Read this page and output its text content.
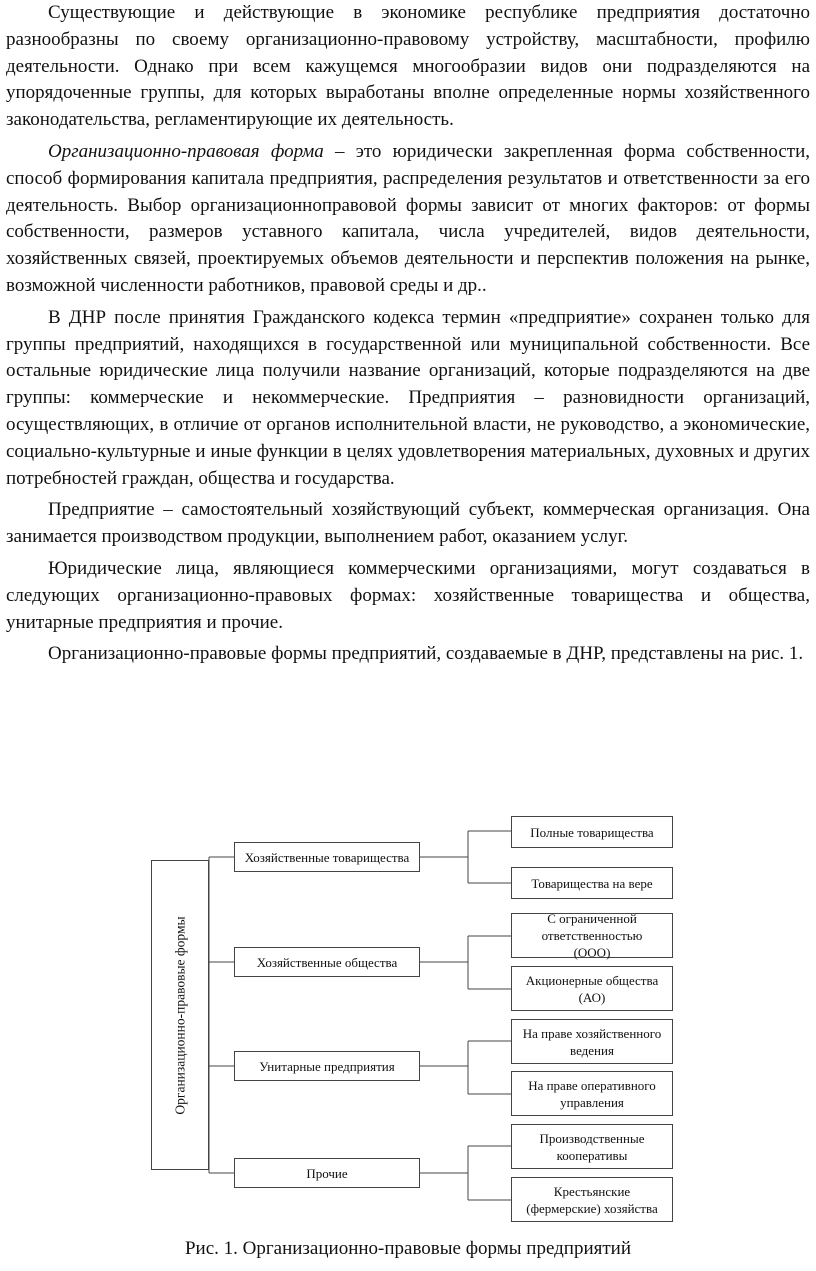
Существующие и действующие в экономике республике предприятия достаточно разнообразны по своему организационно-правовому устройству, масштабности, профилю деятельности. Однако при всем кажущемся многообразии видов они подразделяются на упорядоченные группы, для которых выработаны вполне определенные нормы хозяйственного законодательства, регламентирующие их деятельность.

Организационно-правовая форма – это юридически закрепленная форма собственности, способ формирования капитала предприятия, распределения результатов и ответственности за его деятельность. Выбор организационноправовой формы зависит от многих факторов: от формы собственности, размеров уставного капитала, числа учредителей, видов деятельности, хозяйственных связей, проектируемых объемов деятельности и перспектив положения на рынке, возможной численности работников, правовой среды и др..

В ДНР после принятия Гражданского кодекса термин «предприятие» сохранен только для группы предприятий, находящихся в государственной или муниципальной собственности. Все остальные юридические лица получили название организаций, которые подразделяются на две группы: коммерческие и некоммерческие. Предприятия – разновидности организаций, осуществляющих, в отличие от органов исполнительной власти, не руководство, а экономические, социально-культурные и иные функции в целях удовлетворения материальных, духовных и других потребностей граждан, общества и государства.

Предприятие – самостоятельный хозяйствующий субъект, коммерческая организация. Она занимается производством продукции, выполнением работ, оказанием услуг.

Юридические лица, являющиеся коммерческими организациями, могут создаваться в следующих организационно-правовых формах: хозяйственные товарищества и общества, унитарные предприятия и прочие.

Организационно-правовые формы предприятий, создаваемые в ДНР, представлены на рис. 1.

Организационно-правовые формы
Хозяйственные товарищества
Хозяйственные общества
Унитарные предприятия
Прочие
Полные товарищества
Товарищества на вере
С ограниченной ответственностью (ООО)
Акционерные общества (АО)
На праве хозяйственного ведения
На праве оперативного управления
Производственные кооперативы
Крестьянские (фермерские) хозяйства
Рис. 1. Организационно-правовые формы предприятий
